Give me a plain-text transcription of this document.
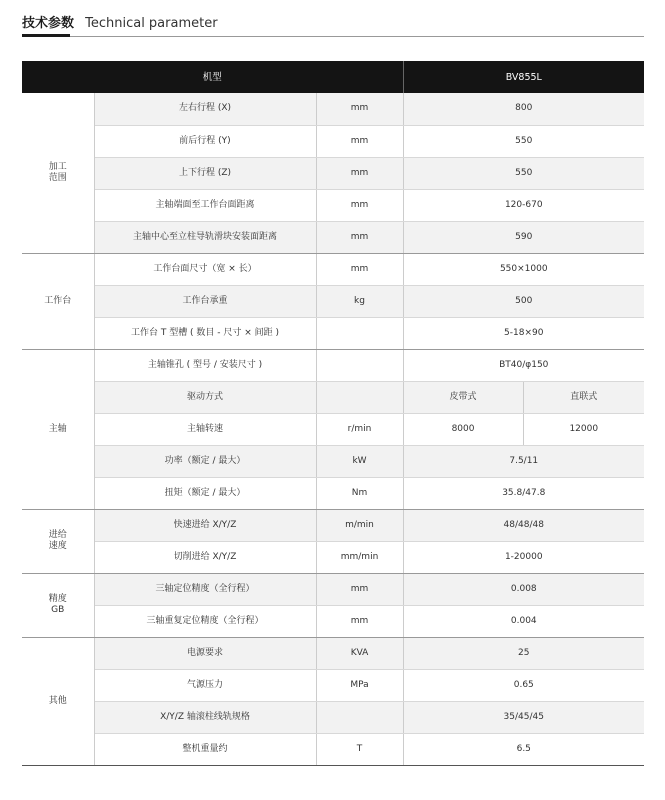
技术参数 Technical parameter
机型			BV855L	

加工
范围	左右行程 (X)	mm	800	
	前后行程 (Y)	mm	550	
	上下行程 (Z)	mm	550	
	主轴端面至工作台面距离	mm	120-670	
	主轴中心至立柱导轨滑块安装面距离	mm	590	
工作台	工作台面尺寸（宽 × 长）	mm	550×1000	
	工作台承重	kg	500	
	工作台 T 型槽 ( 数目 - 尺寸 × 间距 )		5-18×90	
主轴	主轴锥孔 ( 型号 / 安装尺寸 )		BT40/φ150	
	驱动方式		皮带式	直联式
	主轴转速	r/min	8000	12000
	功率（额定 / 最大）	kW	7.5/11	
	扭矩（额定 / 最大）	Nm	35.8/47.8	

进给
速度	快速进给 X/Y/Z	m/min	48/48/48	
	切削进给 X/Y/Z	mm/min	1-20000	

精度
GB	三轴定位精度（全行程）	mm	0.008	
	三轴重复定位精度（全行程）	mm	0.004	
其他	电源要求	KVA	25	
	气源压力	MPa	0.65	
	X/Y/Z 轴滚柱线轨规格		35/45/45	
	整机重量约	T	6.5	
